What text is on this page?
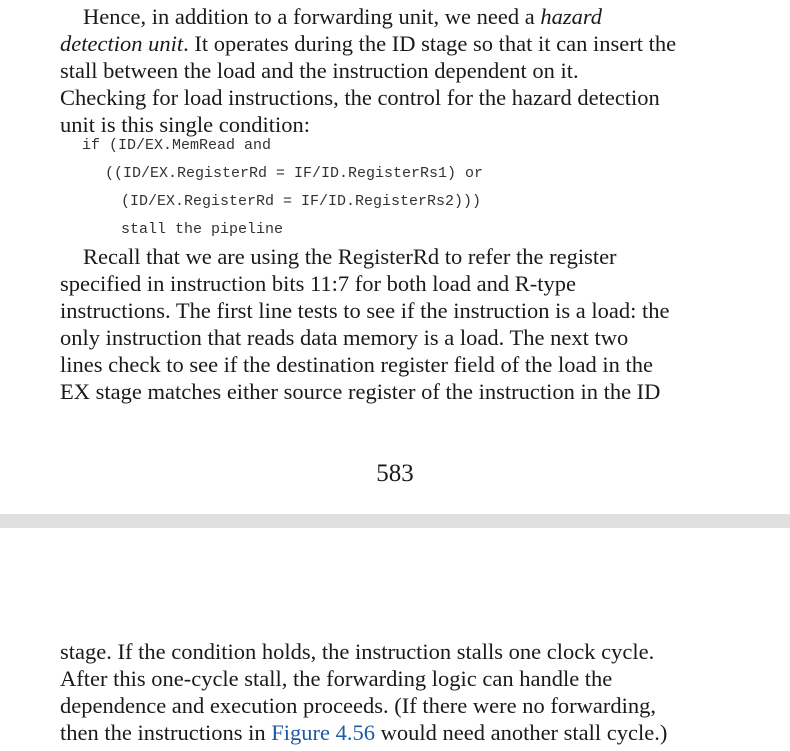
Hence, in addition to a forwarding unit, we need a hazard
detection unit. It operates during the ID stage so that it can insert the
stall between the load and the instruction dependent on it.
Checking for load instructions, the control for the hazard detection
unit is this single condition:
if (ID/EX.MemRead and
((ID/EX.RegisterRd = IF/ID.RegisterRs1) or
(ID/EX.RegisterRd = IF/ID.RegisterRs2)))
stall the pipeline
Recall that we are using the RegisterRd to refer the register
specified in instruction bits 11:7 for both load and R-type
instructions. The first line tests to see if the instruction is a load: the
only instruction that reads data memory is a load. The next two
lines check to see if the destination register field of the load in the
EX stage matches either source register of the instruction in the ID
583
stage. If the condition holds, the instruction stalls one clock cycle.
After this one-cycle stall, the forwarding logic can handle the
dependence and execution proceeds. (If there were no forwarding,
then the instructions in Figure 4.56 would need another stall cycle.)
